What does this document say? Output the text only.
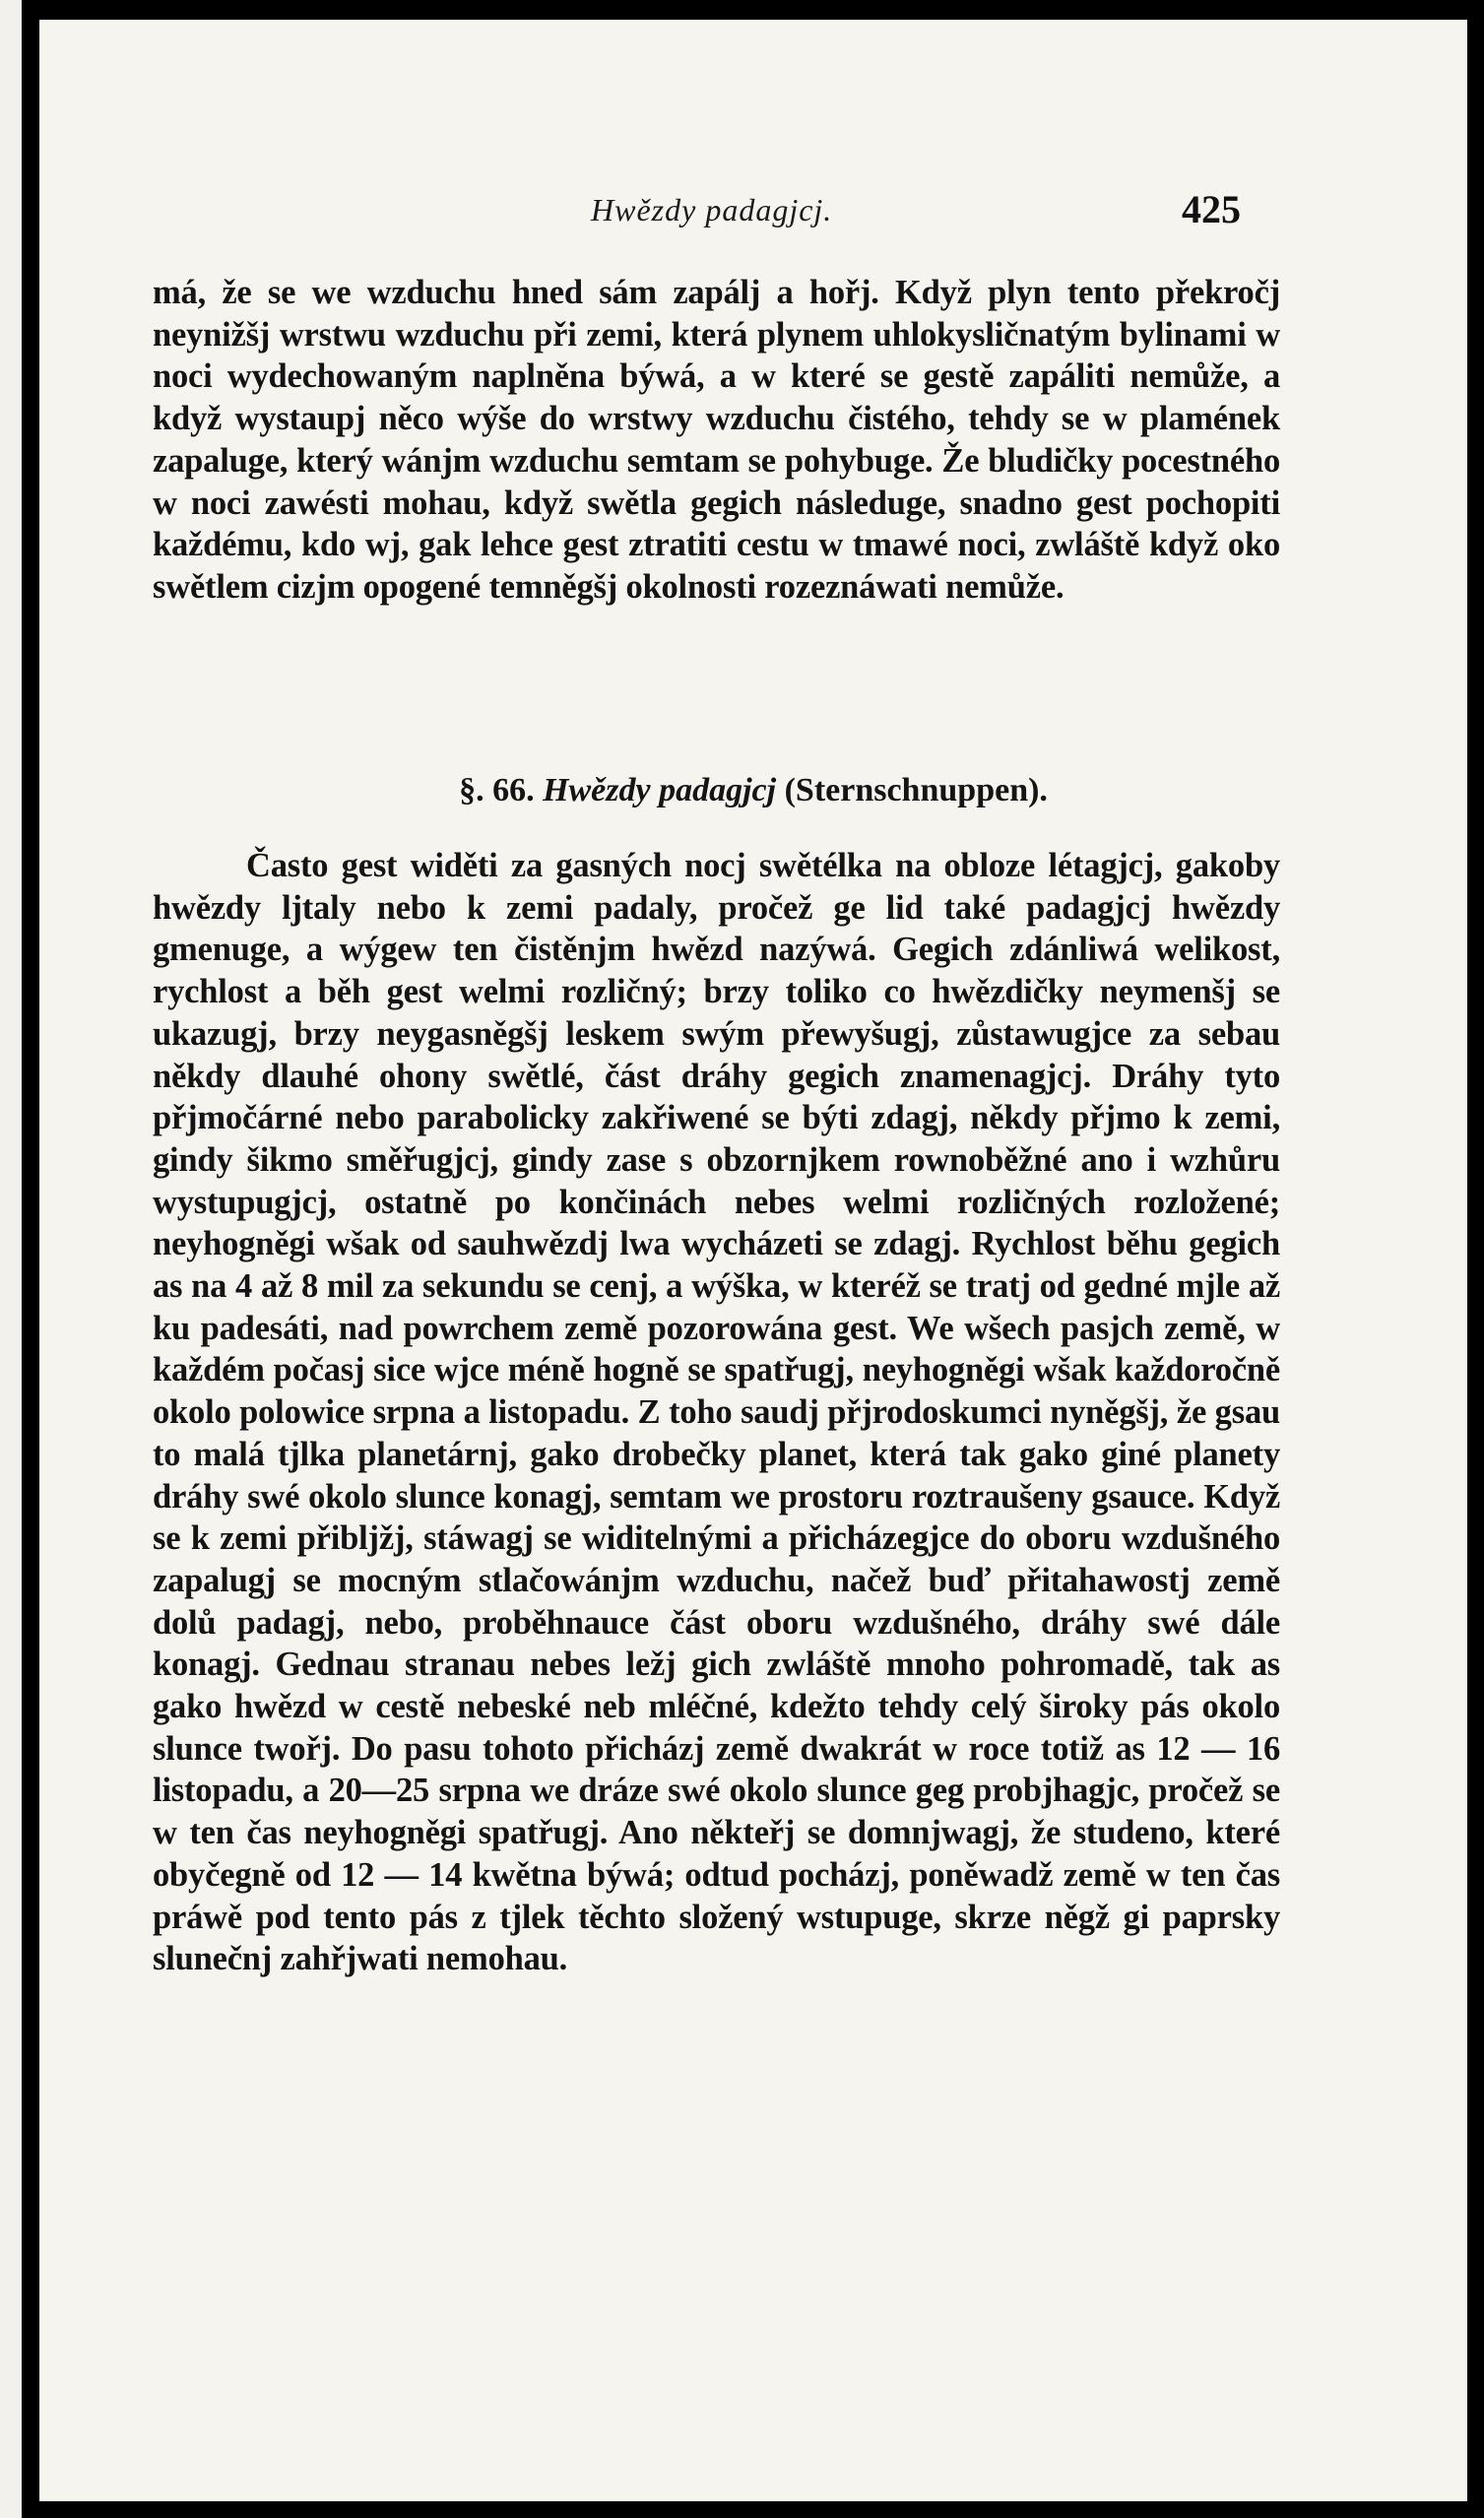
Hwězdy padagjcj.	425

má, že se we wzduchu hned sám zapálj a hořj. Když plyn tento překročj neynižšj wrstwu wzduchu při zemi, která plynem uhlokysličnatým bylinami w noci wydechowaným naplněna býwá, a w které se gestě zapáliti nemůže, a když wystaupj něco wýše do wrstwy wzduchu čistého, tehdy se w plamének zapaluge, který wánjm wzduchu semtam se pohybuge. Že bludičky pocestného w noci zawésti mohau, když swětla gegich následuge, snadno gest pochopiti každému, kdo wj, gak lehce gest ztratiti cestu w tmawé noci, zwláště když oko swětlem cizjm opogené temněgšj okolnosti rozeznáwati nemůže.

§. 66. Hwězdy padagjcj (Sternschnuppen).

Často gest widěti za gasných nocj swětélka na obloze létagjcj, gakoby hwězdy ljtaly nebo k zemi padaly, pročež ge lid také padagjcj hwězdy gmenuge, a wýgew ten čistěnjm hwězd nazýwá. Gegich zdánliwá welikost, rychlost a běh gest welmi rozličný; brzy toliko co hwězdičky neymenšj se ukazugj, brzy neygasněgšj leskem swým přewyšugj, zůstawugjce za sebau někdy dlauhé ohony swětlé, část dráhy gegich znamenagjcj. Dráhy tyto přjmočárné nebo parabolicky zakřiwené se býti zdagj, někdy přjmo k zemi, gindy šikmo směřugjcj, gindy zase s obzornjkem rownoběžné ano i wzhůru wystupugjcj, ostatně po končinách nebes welmi rozličných rozložené; neyhogněgi wšak od sauhwězdj lwa wycházeti se zdagj. Rychlost běhu gegich as na 4 až 8 mil za sekundu se cenj, a wýška, w kteréž se tratj od gedné mjle až ku padesáti, nad powrchem země pozorowána gest. We wšech pasjch země, w každém počasj sice wjce méně hogně se spatřugj, neyhogněgi wšak každoročně okolo polowice srpna a listopadu. Z toho saudj přjrodoskumci nyněgšj, že gsau to malá tjlka planetárnj, gako drobečky planet, která tak gako giné planety dráhy swé okolo slunce konagj, semtam we prostoru roztraušeny gsauce. Když se k zemi přibljžj, stáwagj se widitelnými a přicházegjce do oboru wzdušného zapalugj se mocným stlačowánjm wzduchu, načež buď přitahawostj země dolů padagj, nebo, proběhnauce část oboru wzdušného, dráhy swé dále konagj. Gednau stranau nebes ležj gich zwláště mnoho pohromadě, tak as gako hwězd w cestě nebeské neb mléčné, kdežto tehdy celý široky pás okolo slunce twořj. Do pasu tohoto přicházj země dwakrát w roce totiž as 12 — 16 listopadu, a 20—25 srpna we dráze swé okolo slunce geg probjhagjc, pročež se w ten čas neyhogněgi spatřugj. Ano někteřj se domnjwagj, že studeno, které obyčegně od 12 — 14 kwětna býwá; odtud pocházj, poněwadž země w ten čas práwě pod tento pás z tjlek těchto složený wstupuge, skrze něgž gi paprsky slunečnj zahřjwati nemohau.
